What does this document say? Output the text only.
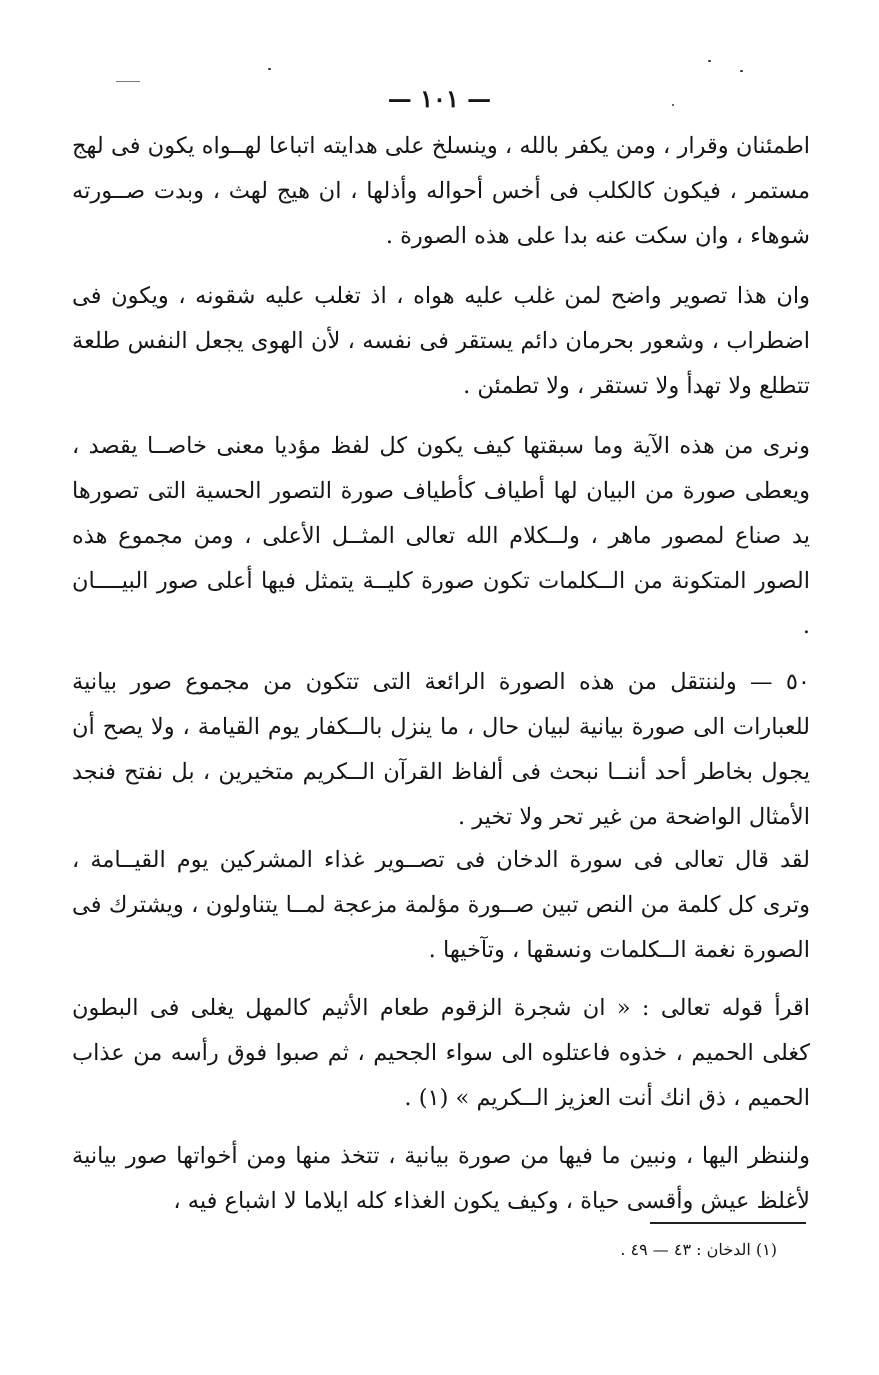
— ١٠١ —

اطمئنان وقرار ، ومن يكفر بالله ، وينسلخ على هدايته اتباعا لهــواه يكون فى لهج مستمر ، فيكون كالكلب فى أخس أحواله وأذلها ، ان هيج لهث ، وبدت صــورته شوهاء ، وان سكت عنه بدا على هذه الصورة .

وان هذا تصوير واضح لمن غلب عليه هواه ، اذ تغلب عليه شقونه ، ويكون فى اضطراب ، وشعور بحرمان دائم يستقر فى نفسه ، لأن الهوى يجعل النفس طلعة تتطلع ولا تهدأ ولا تستقر ، ولا تطمئن .

ونرى من هذه الآية وما سبقتها كيف يكون كل لفظ مؤديا معنى خاصــا يقصد ، ويعطى صورة من البيان لها أطياف كأطياف صورة التصور الحسية التى تصورها يد صناع لمصور ماهر ، ولــكلام الله تعالى المثــل الأعلى ، ومن مجموع هذه الصور المتكونة من الــكلمات تكون صورة كليــة يتمثل فيها أعلى صور البيــــان .

٥٠ — ولننتقل من هذه الصورة الرائعة التى تتكون من مجموع صور بيانية للعبارات الى صورة بيانية لبيان حال ، ما ينزل بالــكفار يوم القيامة ، ولا يصح أن يجول بخاطر أحد أننــا نبحث فى ألفاظ القرآن الــكريم متخيرين ، بل نفتح فنجد الأمثال الواضحة من غير تحر ولا تخير .

لقد قال تعالى فى سورة الدخان فى تصــوير غذاء المشركين يوم القيــامة ، وترى كل كلمة من النص تبين صــورة مؤلمة مزعجة لمــا يتناولون ، ويشترك فى الصورة نغمة الــكلمات ونسقها ، وتآخيها .

اقرأ قوله تعالى : « ان شجرة الزقوم طعام الأثيم كالمهل يغلى فى البطون كغلى الحميم ، خذوه فاعتلوه الى سواء الجحيم ، ثم صبوا فوق رأسه من عذاب الحميم ، ذق انك أنت العزيز الــكريم » (١) .

ولننظر اليها ، ونبين ما فيها من صورة بيانية ، تتخذ منها ومن أخواتها صور بيانية لأغلظ عيش وأقسى حياة ، وكيف يكون الغذاء كله ايلاما لا اشباع فيه ،

(١) الدخان : ٤٣ — ٤٩ .
